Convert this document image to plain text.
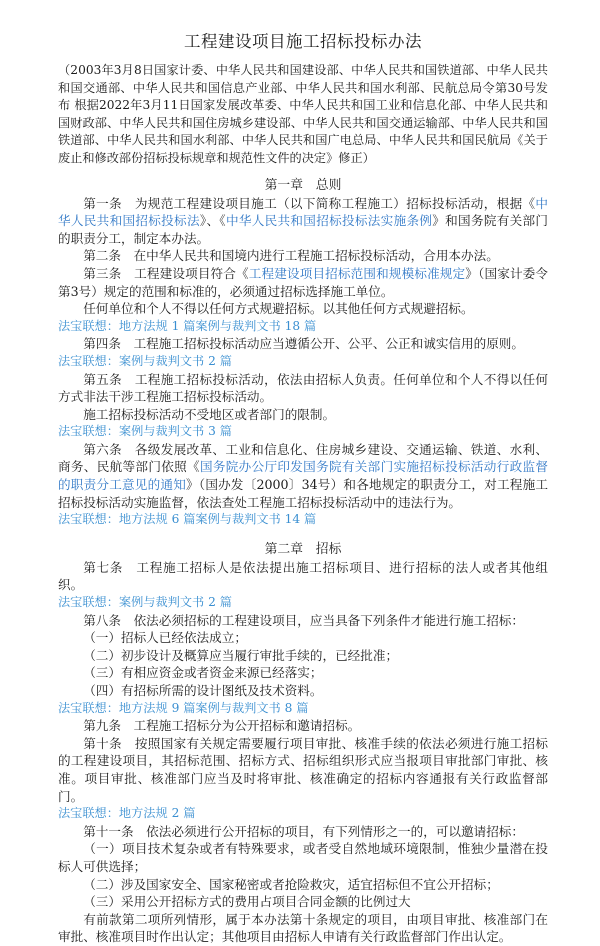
工程建设项目施工招标投标办法
（2003年3月8日国家计委、中华人民共和国建设部、中华人民共和国铁道部、中华人民共和国交通部、中华人民共和国信息产业部、中华人民共和国水利部、民航总局令第30号发布 根据2022年3月11日国家发展改革委、中华人民共和国工业和信息化部、中华人民共和国财政部、中华人民共和国住房城乡建设部、中华人民共和国交通运输部、中华人民共和国铁道部、中华人民共和国水利部、中华人民共和国广电总局、中华人民共和国民航局《关于废止和修改部份招标投标规章和规范性文件的决定》修正）
第一章　 总则

第一条　为规范工程建设项目施工（以下简称工程施工）招标投标活动，根据《中华人民共和国招标投标法》、《中华人民共和国招标投标法实施条例》和国务院有关部门的职责分工，制定本办法。

第二条　在中华人民共和国境内进行工程施工招标投标活动，合用本办法。

第三条　工程建设项目符合《工程建设项目招标范围和规模标准规定》（国家计委令第3号）规定的范围和标准的，必须通过招标选择施工单位。

任何单位和个人不得以任何方式规避招标。以其他任何方式规避招标。

法宝联想：地方法规 1 篇案例与裁判文书 18 篇

第四条　工程施工招标投标活动应当遵循公开、公平、公正和诚实信用的原则。

法宝联想：案例与裁判文书 2 篇

第五条　工程施工招标投标活动，依法由招标人负责。任何单位和个人不得以任何方式非法干涉工程施工招标投标活动。

施工招标投标活动不受地区或者部门的限制。

法宝联想：案例与裁判文书 3 篇

第六条　各级发展改革、工业和信息化、住房城乡建设、交通运输、铁道、水利、商务、民航等部门依照《国务院办公厅印发国务院有关部门实施招标投标活动行政监督的职责分工意见的通知》（国办发〔2000〕34号）和各地规定的职责分工，对工程施工招标投标活动实施监督，依法查处工程施工招标投标活动中的违法行为。

法宝联想：地方法规 6 篇案例与裁判文书 14 篇
第二章　 招标

第七条　工程施工招标人是依法提出施工招标项目、进行招标的法人或者其他组织。

法宝联想：案例与裁判文书 2 篇

第八条　依法必须招标的工程建设项目，应当具备下列条件才能进行施工招标：

（一）招标人已经依法成立；

（二）初步设计及概算应当履行审批手续的，已经批准；

（三）有相应资金或者资金来源已经落实；

（四）有招标所需的设计图纸及技术资料。

法宝联想：地方法规 9 篇案例与裁判文书 8 篇

第九条　工程施工招标分为公开招标和邀请招标。

第十条　按照国家有关规定需要履行项目审批、核准手续的依法必须进行施工招标的工程建设项目，其招标范围、招标方式、招标组织形式应当报项目审批部门审批、核准。项目审批、核准部门应当及时将审批、核准确定的招标内容通报有关行政监督部门。

法宝联想：地方法规 2 篇

第十一条　依法必须进行公开招标的项目，有下列情形之一的，可以邀请招标：

（一）项目技术复杂或者有特殊要求，或者受自然地域环境限制，惟独少量潜在投标人可供选择；

（二）涉及国家安全、国家秘密或者抢险救灾，适宜招标但不宜公开招标；

（三）采用公开招标方式的费用占项目合同金额的比例过大

有前款第二项所列情形，属于本办法第十条规定的项目，由项目审批、核准部门在审批、核准项目时作出认定；其他项目由招标人申请有关行政监督部门作出认定。
